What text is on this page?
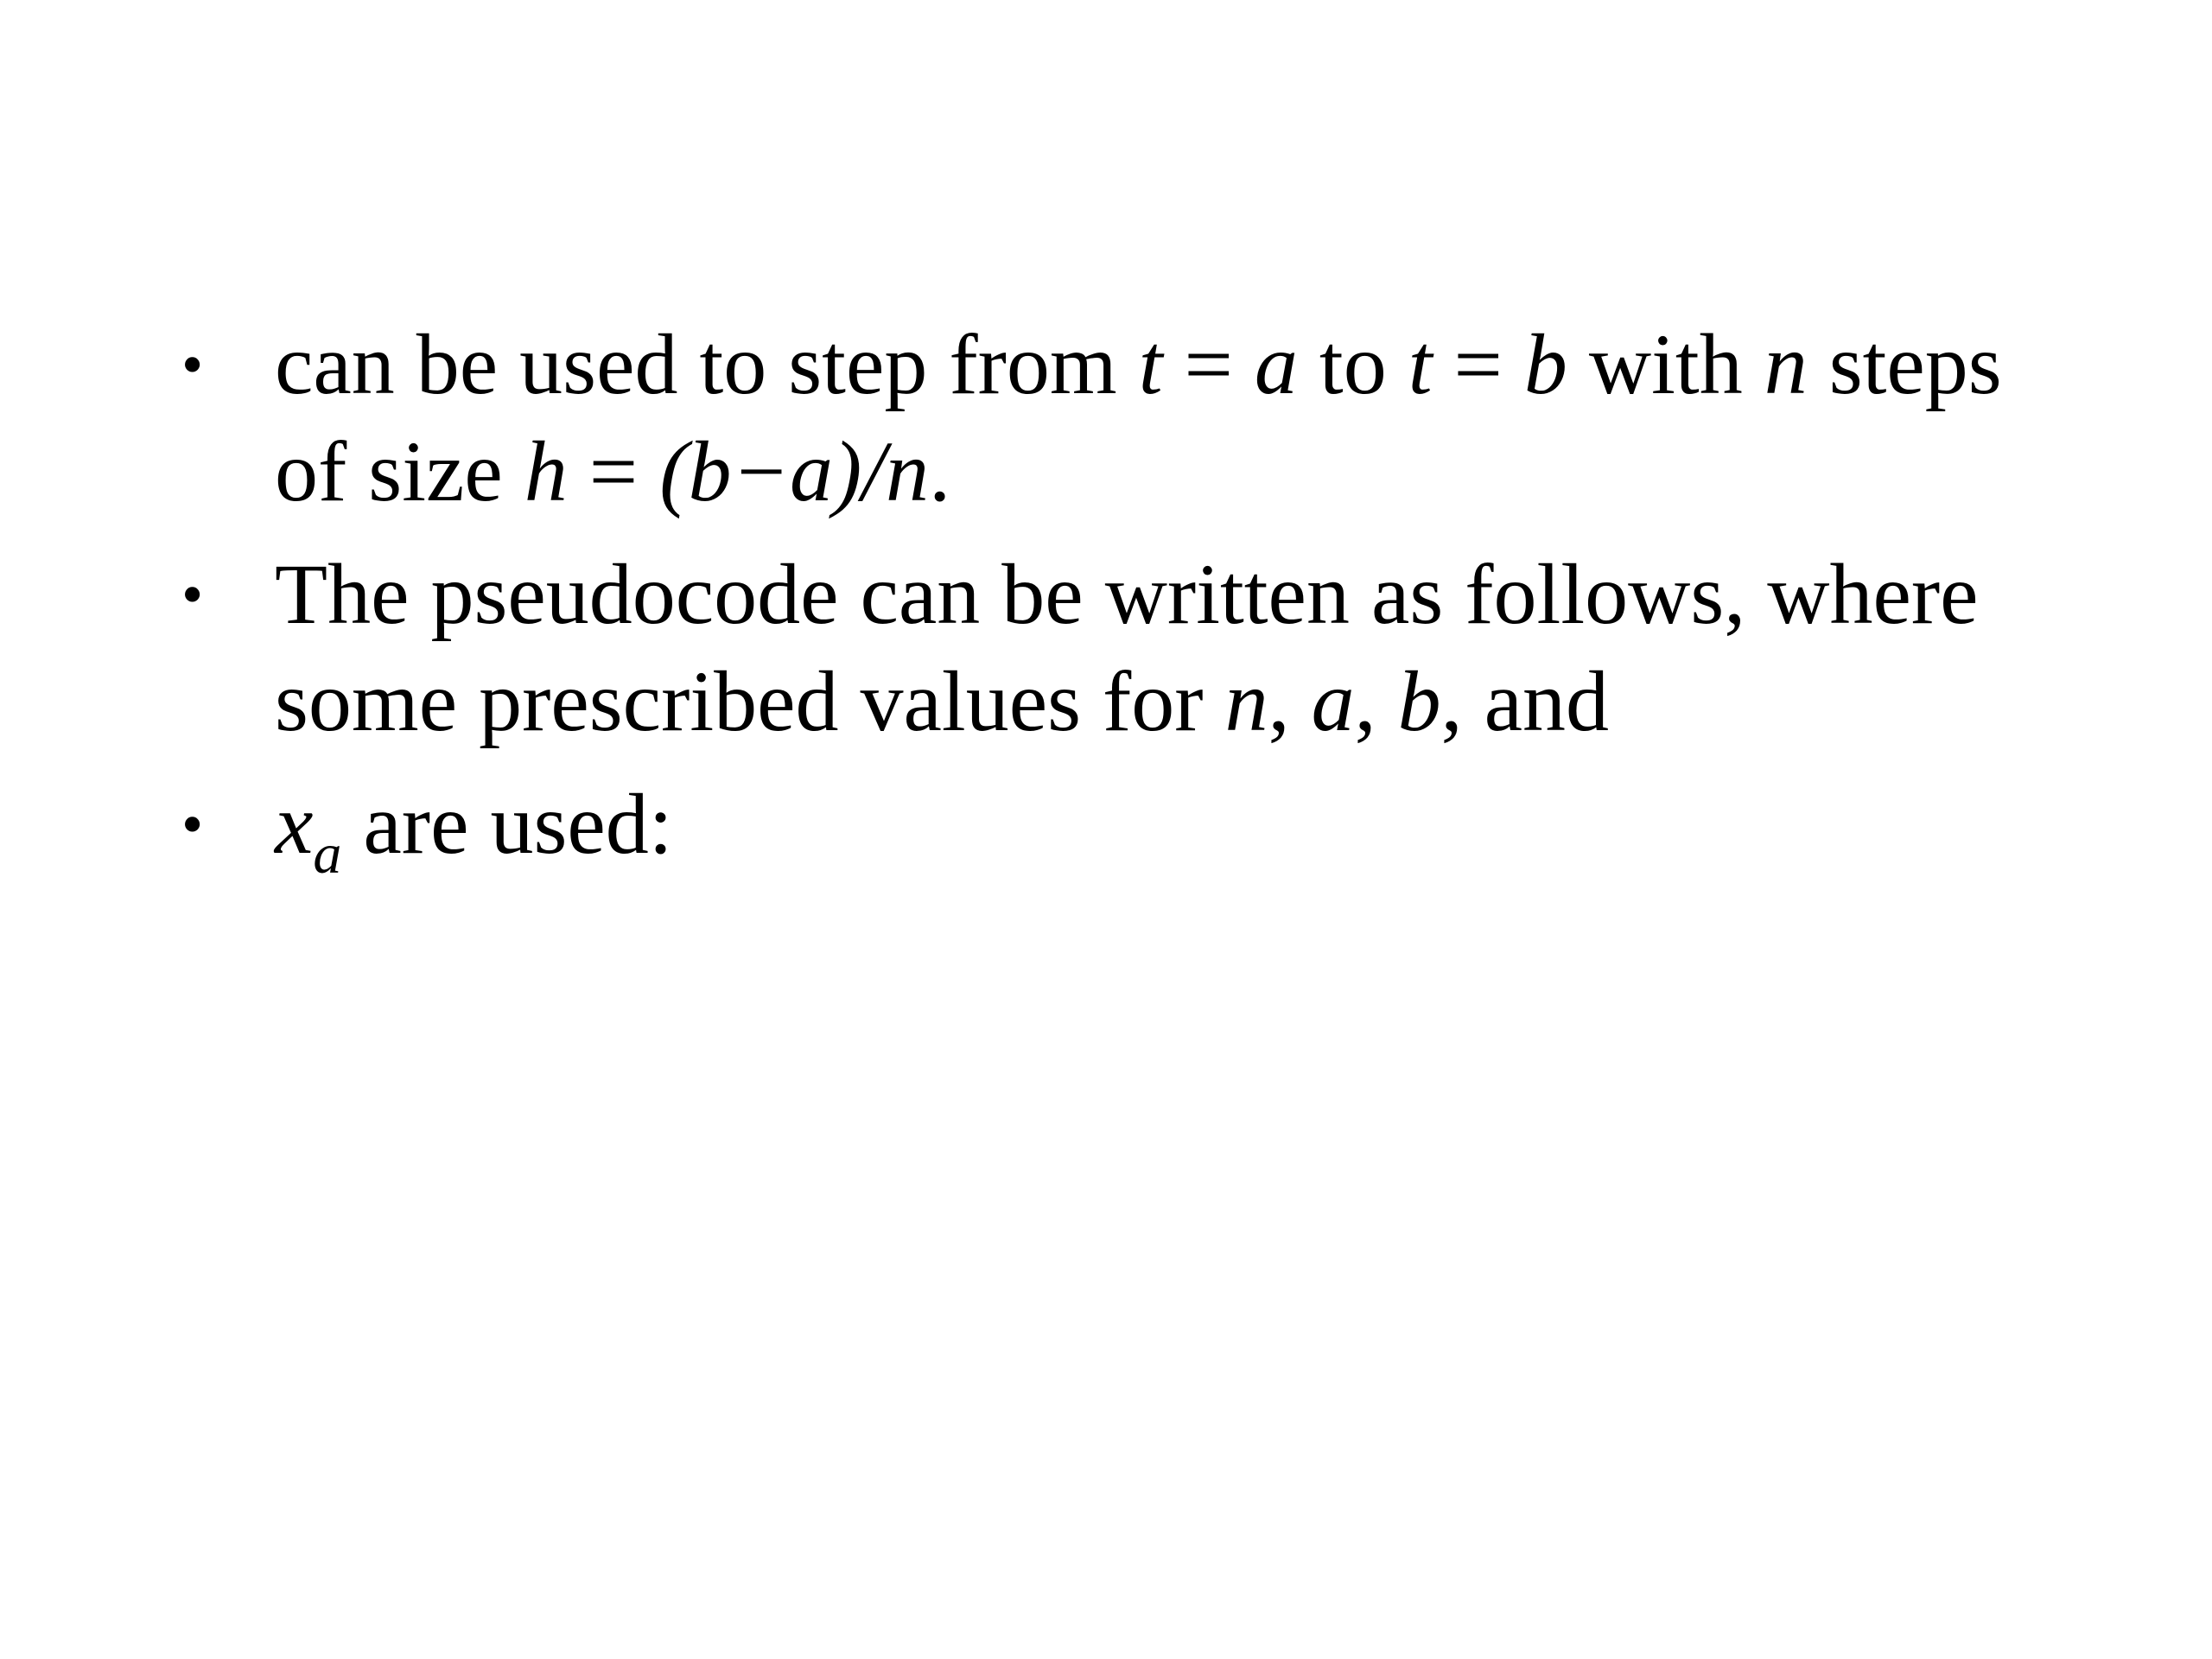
• can be used to step from t = a to t = b with n steps of size h = (b−a)/n.
• The pseudocode can be written as follows, where some prescribed values for n, a, b, and
• $x_a$ are used:
